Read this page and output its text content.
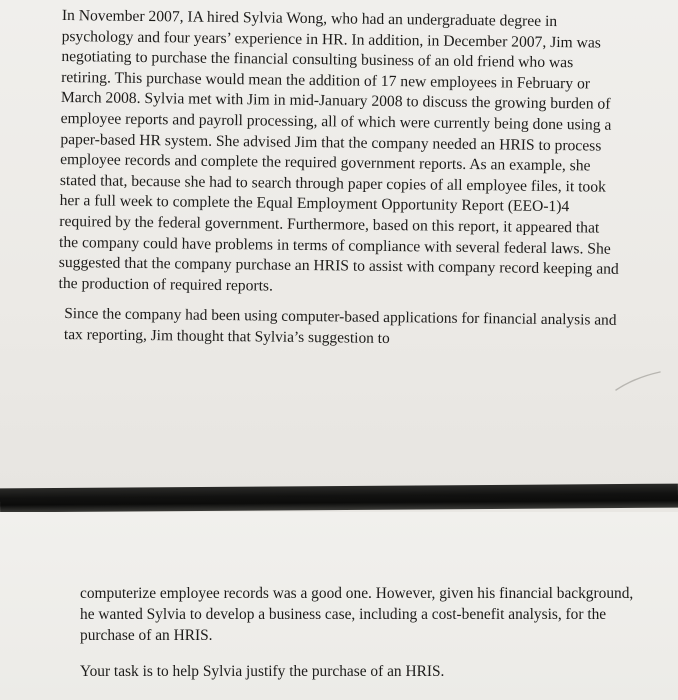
In November 2007, IA hired Sylvia Wong, who had an undergraduate degree in psychology and four years’ experience in HR. In addition, in December 2007, Jim was negotiating to purchase the financial consulting business of an old friend who was retiring. This purchase would mean the addition of 17 new employees in February or March 2008. Sylvia met with Jim in mid-January 2008 to discuss the growing burden of employee reports and payroll processing, all of which were currently being done using a paper-based HR system. She advised Jim that the company needed an HRIS to process employee records and complete the required government reports. As an example, she stated that, because she had to search through paper copies of all employee files, it took her a full week to complete the Equal Employment Opportunity Report (EEO-1)4 required by the federal government. Furthermore, based on this report, it appeared that the company could have problems in terms of compliance with several federal laws. She suggested that the company purchase an HRIS to assist with company record keeping and the production of required reports.

Since the company had been using computer-based applications for financial analysis and tax reporting, Jim thought that Sylvia’s suggestion to

computerize employee records was a good one. However, given his financial background, he wanted Sylvia to develop a business case, including a cost-benefit analysis, for the purchase of an HRIS.

Your task is to help Sylvia justify the purchase of an HRIS.
